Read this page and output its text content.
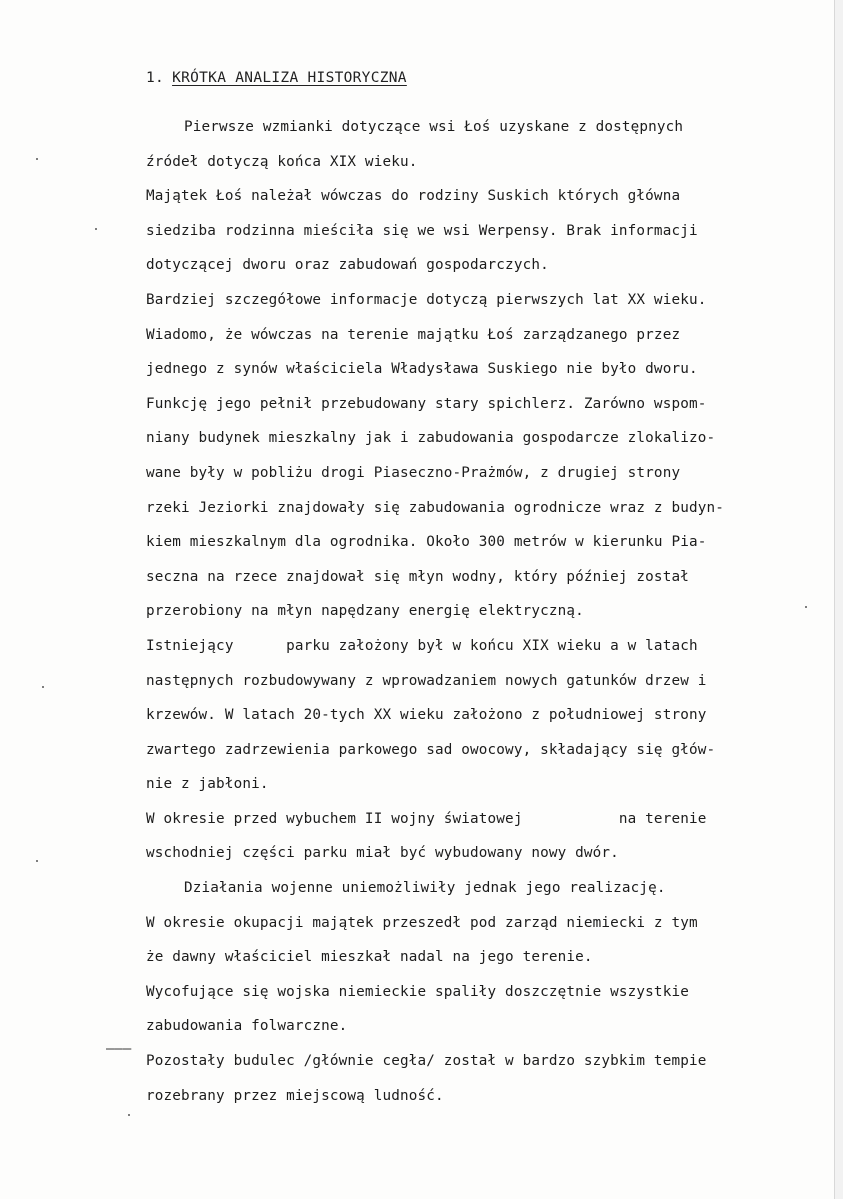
1. KRÓTKA ANALIZA HISTORYCZNA
Pierwsze wzmianki dotyczące wsi Łoś uzyskane z dostępnych
źródeł dotyczą końca XIX wieku.
Majątek Łoś należał wówczas do rodziny Suskich których główna
siedziba rodzinna mieściła się we wsi Werpensy. Brak informacji
dotyczącej dworu oraz zabudowań gospodarczych.
Bardziej szczegółowe informacje dotyczą pierwszych lat XX wieku.
Wiadomo, że wówczas na terenie majątku Łoś zarządzanego przez
jednego z synów właściciela Władysława Suskiego nie było dworu.
Funkcję jego pełnił przebudowany stary spichlerz. Zarówno wspom-
niany budynek mieszkalny jak i zabudowania gospodarcze zlokalizo-
wane były w pobliżu drogi Piaseczno-Prażmów, z drugiej strony
rzeki Jeziorki znajdowały się zabudowania ogrodnicze wraz z budyn-
kiem mieszkalnym dla ogrodnika. Około 300 metrów w kierunku Pia-
seczna na rzece znajdował się młyn wodny, który później został
przerobiony na młyn napędzany energię elektryczną.
Istniejący      parku założony był w końcu XIX wieku a w latach
następnych rozbudowywany z wprowadzaniem nowych gatunków drzew i
krzewów. W latach 20-tych XX wieku założono z południowej strony
zwartego zadrzewienia parkowego sad owocowy, składający się głów-
nie z jabłoni.
W okresie przed wybuchem II wojny światowej           na terenie
wschodniej części parku miał być wybudowany nowy dwór.
Działania wojenne uniemożliwiły jednak jego realizację.
W okresie okupacji majątek przeszedł pod zarząd niemiecki z tym
że dawny właściciel mieszkał nadal na jego terenie.
Wycofujące się wojska niemieckie spaliły doszczętnie wszystkie
zabudowania folwarczne.
Pozostały budulec /głównie cegła/ został w bardzo szybkim tempie
rozebrany przez miejscową ludność.
———
